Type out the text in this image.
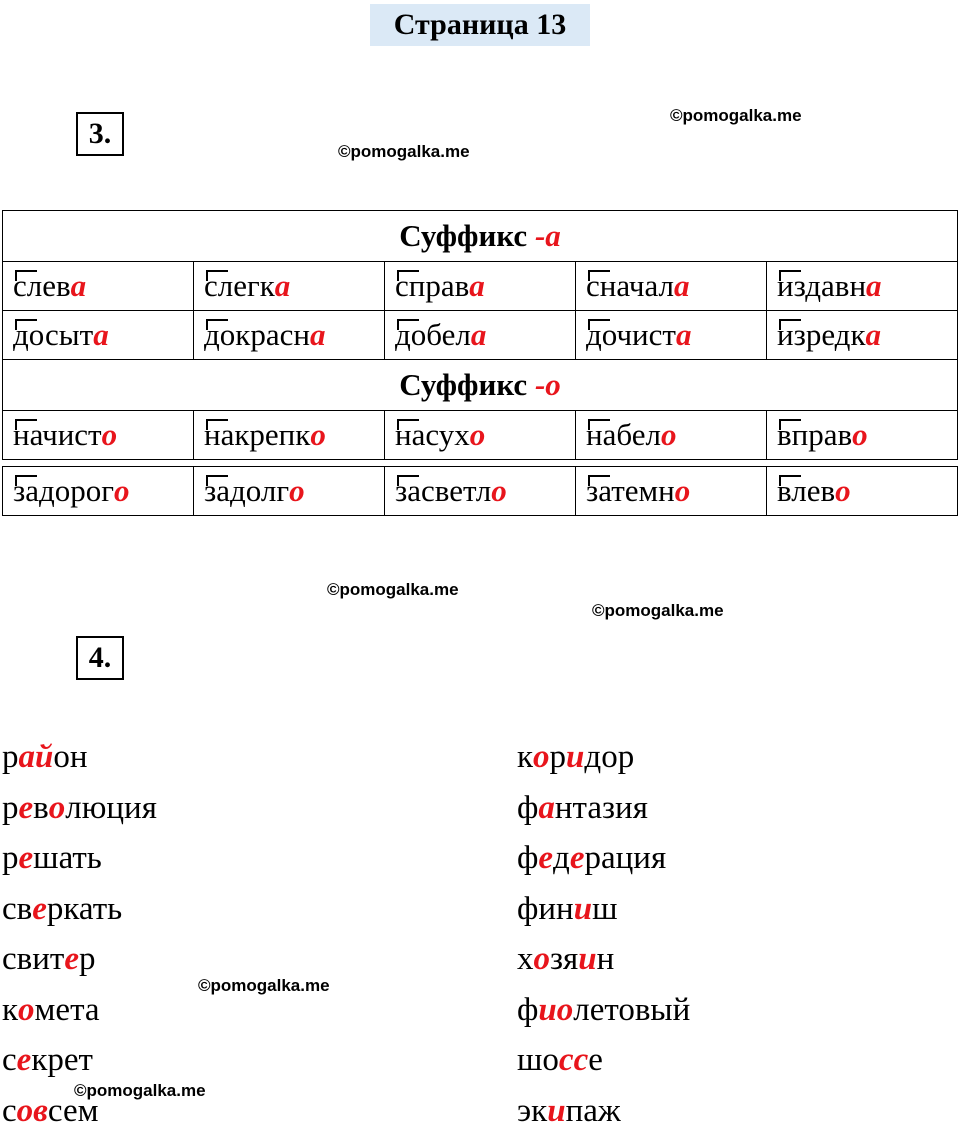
Страница 13
3.
©pomogalka.me
©pomogalka.me
Суффикс -а				
слева	слегка	справа	сначала	издавна
досыта	докрасна	добела	дочиста	изредка
Суффикс -о				
начисто	накрепко	насухо	набело	вправо

задорого	задолго	засветло	затемно	влево
©pomogalka.me
©pomogalka.me
4.
район
революция
решать
сверкать
свитер
комета
секрет
совсем
коридор
фантазия
федерация
финиш
хозяин
фиолетовый
шоссе
экипаж
©pomogalka.me
©pomogalka.me
